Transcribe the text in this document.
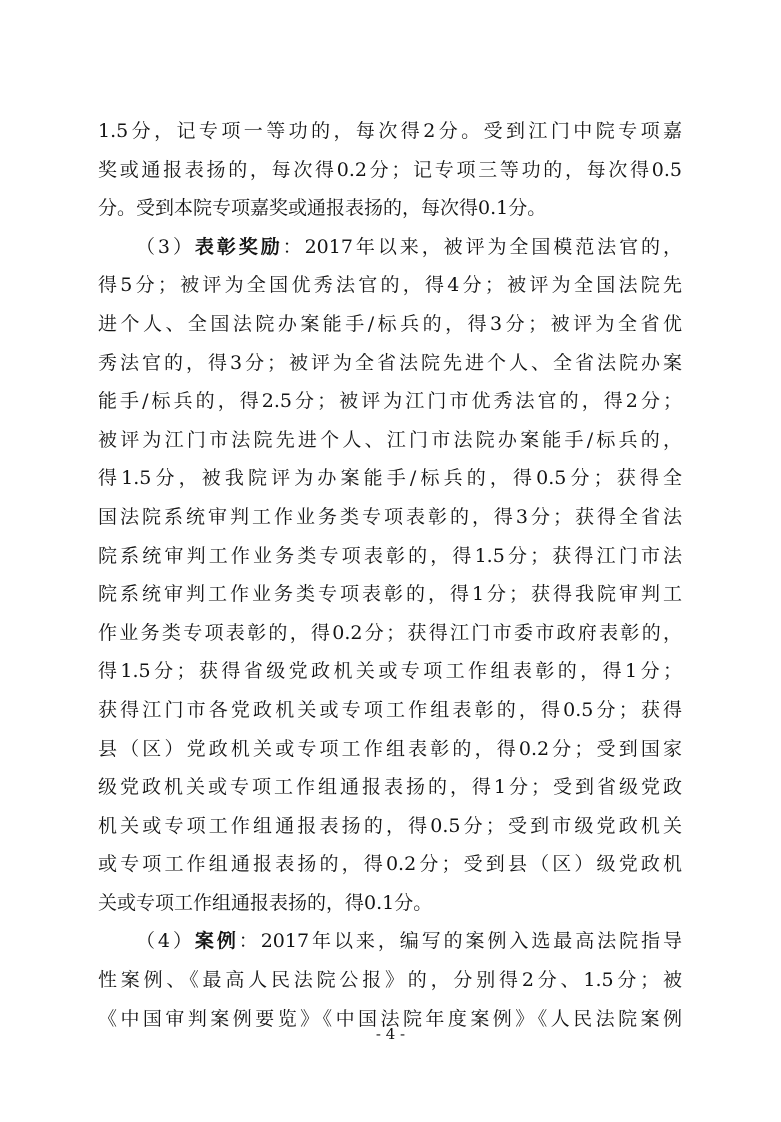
1.5分，记专项一等功的，每次得2分。受到江门中院专项嘉
奖或通报表扬的，每次得0.2分；记专项三等功的，每次得0.5
分。受到本院专项嘉奖或通报表扬的，每次得0.1分。
（3）表彰奖励：2017年以来，被评为全国模范法官的，
得5分；被评为全国优秀法官的，得4分；被评为全国法院先
进个人、全国法院办案能手/标兵的，得3分；被评为全省优
秀法官的，得3分；被评为全省法院先进个人、全省法院办案
能手/标兵的，得2.5分；被评为江门市优秀法官的，得2分；
被评为江门市法院先进个人、江门市法院办案能手/标兵的，
得1.5分，被我院评为办案能手/标兵的，得0.5分；获得全
国法院系统审判工作业务类专项表彰的，得3分；获得全省法
院系统审判工作业务类专项表彰的，得1.5分；获得江门市法
院系统审判工作业务类专项表彰的，得1分；获得我院审判工
作业务类专项表彰的，得0.2分；获得江门市委市政府表彰的，
得1.5分；获得省级党政机关或专项工作组表彰的，得1分；
获得江门市各党政机关或专项工作组表彰的，得0.5分；获得
县（区）党政机关或专项工作组表彰的，得0.2分；受到国家
级党政机关或专项工作组通报表扬的，得1分；受到省级党政
机关或专项工作组通报表扬的，得0.5分；受到市级党政机关
或专项工作组通报表扬的，得0.2分；受到县（区）级党政机
关或专项工作组通报表扬的，得0.1分。
（4）案例：2017年以来，编写的案例入选最高法院指导
性案例、《最高人民法院公报》的，分别得2分、1.5分；被
《中国审判案例要览》《中国法院年度案例》《人民法院案例
- 4 -
